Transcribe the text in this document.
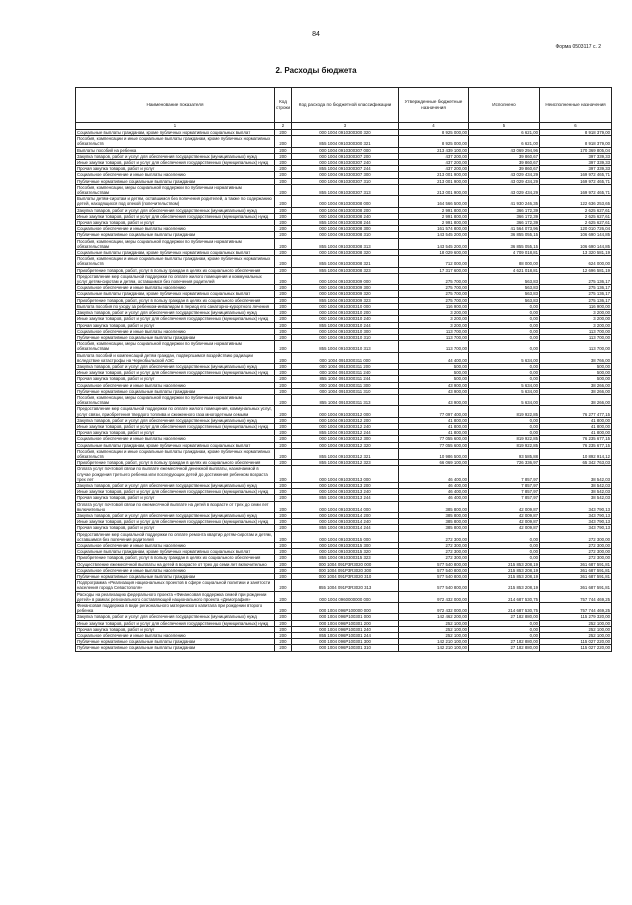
84
Форма 0503117 с. 2
2. Расходы бюджета
Наименование показателя	Код строки	Код расхода по бюджетной классификации	Утвержденные бюджетные назначения	Исполнено	Неисполненные назначения
1	2	3	4	5	6
Социальные выплаты гражданам, кроме публичных нормативных социальных выплат	200	000 1004 0910300300 320	8 925 000,00	6 621,00	8 918 379,00
Пособия, компенсации и иные социальные выплаты гражданам, кроме публичных нормативных обязательств	200	855 1004 0910300300 321	8 925 000,00	6 621,00	8 918 379,00
Выплаты пособий на ребенка	200	000 1004 0910300307 000	213 439 100,00	43 069 294,96	170 369 805,04
Закупка товаров, работ и услуг для обеспечения государственных (муниципальных) нужд	200	000 1004 0910300307 200	437 200,00	39 860,67	397 339,33
Иные закупки товаров, работ и услуг для обеспечения государственных (муниципальных) нужд	200	000 1004 0910300307 240	437 200,00	39 860,67	397 339,33
Прочая закупка товаров, работ и услуг	200	855 1004 0910300307 244	437 200,00	39 860,67	397 339,33
Социальное обеспечение и иные выплаты населению	200	000 1004 0910300307 300	213 001 900,00	43 029 434,29	169 972 465,71
Публичные нормативные социальные выплаты гражданам	200	000 1004 0910300307 310	213 001 900,00	43 029 434,29	169 972 465,71
Пособия, компенсации, меры социальной поддержки по публичным нормативным обязательствам	200	855 1004 0910300307 313	213 001 900,00	43 029 434,29	169 972 465,71
Выплаты детям-сиротам и детям, оставшимся без попечения родителей, а также по содержанию детей, находящихся под опекой (попечительством)	200	000 1004 0910300308 000	164 566 500,00	41 930 246,35	122 636 253,65
Закупка товаров, работ и услуг для обеспечения государственных (муниципальных) нужд	200	000 1004 0910300308 200	2 991 800,00	366 172,39	2 625 627,61
Иные закупки товаров, работ и услуг для обеспечения государственных (муниципальных) нужд	200	000 1004 0910300308 240	2 991 800,00	366 172,39	2 625 627,61
Прочая закупка товаров, работ и услуг	200	855 1004 0910300308 244	2 991 800,00	366 172,39	2 625 627,61
Социальное обеспечение и иные выплаты населению	200	000 1004 0910300308 300	161 574 800,00	41 564 073,96	120 010 726,04
Публичные нормативные социальные выплаты гражданам	200	000 1004 0910300308 310	143 545 200,00	36 855 055,15	106 690 144,85
Пособия, компенсации, меры социальной поддержки по публичным нормативным обязательствам	200	855 1004 0910300308 313	143 545 200,00	36 855 055,15	106 690 144,85
Социальные выплаты гражданам, кроме публичных нормативных социальных выплат	200	000 1004 0910300308 320	18 029 600,00	4 709 018,81	13 320 581,19
Пособия, компенсации и иные социальные выплаты гражданам, кроме публичных нормативных обязательств	200	855 1004 0910300308 321	712 000,00	88 000,00	624 000,00
Приобретение товаров, работ, услуг в пользу граждан в целях их социального обеспечения	200	855 1004 0910300308 323	17 317 600,00	4 621 018,81	12 696 581,19
Предоставление мер социальной поддержки по оплате жилого помещения и коммунальных услуг детям-сиротам и детям, оставшимся без попечения родителей	200	000 1004 0910300309 000	275 700,00	563,83	275 136,17
Социальное обеспечение и иные выплаты населению	200	000 1004 0910300309 300	275 700,00	563,83	275 136,17
Социальные выплаты гражданам, кроме публичных нормативных социальных выплат	200	000 1004 0910300309 320	275 700,00	563,83	275 136,17
Приобретение товаров, работ, услуг в пользу граждан в целях их социального обеспечения	200	855 1004 0910300309 323	275 700,00	563,83	275 136,17
Выплата пособия по уходу за ребенком-инвалидом в период его санаторно-курортного лечения	200	000 1004 0910300310 000	116 900,00	0,00	116 900,00
Закупка товаров, работ и услуг для обеспечения государственных (муниципальных) нужд	200	000 1004 0910300310 200	3 200,00	0,00	3 200,00
Иные закупки товаров, работ и услуг для обеспечения государственных (муниципальных) нужд	200	000 1004 0910300310 240	3 200,00	0,00	3 200,00
Прочая закупка товаров, работ и услуг	200	855 1004 0910300310 244	3 200,00	0,00	3 200,00
Социальное обеспечение и иные выплаты населению	200	000 1004 0910300310 300	113 700,00	0,00	113 700,00
Публичные нормативные социальные выплаты гражданам	200	000 1004 0910300310 310	113 700,00	0,00	113 700,00
Пособия, компенсации, меры социальной поддержки по публичным нормативным обязательствам	200	855 1004 0910300310 313	113 700,00	0,00	113 700,00
Выплата пособий и компенсаций детям граждан, подвергшимся воздействию радиации вследствие катастрофы на Чернобыльской АЭС	200	000 1004 0910300311 000	44 400,00	5 634,00	38 766,00
Закупка товаров, работ и услуг для обеспечения государственных (муниципальных) нужд	200	000 1004 0910300311 200	500,00	0,00	500,00
Иные закупки товаров, работ и услуг для обеспечения государственных (муниципальных) нужд	200	000 1004 0910300311 240	500,00	0,00	500,00
Прочая закупка товаров, работ и услуг	200	855 1004 0910300311 244	500,00	0,00	500,00
Социальное обеспечение и иные выплаты населению	200	000 1004 0910300311 300	43 900,00	5 634,00	38 266,00
Публичные нормативные социальные выплаты гражданам	200	000 1004 0910300311 310	43 900,00	5 634,00	38 266,00
Пособия, компенсации, меры социальной поддержки по публичным нормативным обязательствам	200	855 1004 0910300311 313	43 900,00	5 634,00	38 266,00
Предоставление мер социальной поддержки по оплате жилого помещения, коммунальных услуг, услуг связи, приобретения твердого топлива и сжиженного газа многодетным семьям	200	000 1004 0910300312 000	77 097 400,00	819 922,85	76 277 477,15
Закупка товаров, работ и услуг для обеспечения государственных (муниципальных) нужд	200	000 1004 0910300312 200	41 800,00	0,00	41 800,00
Иные закупки товаров, работ и услуг для обеспечения государственных (муниципальных) нужд	200	000 1004 0910300312 240	41 800,00	0,00	41 800,00
Прочая закупка товаров, работ и услуг	200	855 1004 0910300312 244	41 800,00	0,00	41 800,00
Социальное обеспечение и иные выплаты населению	200	000 1004 0910300312 300	77 055 600,00	819 922,85	76 235 677,15
Социальные выплаты гражданам, кроме публичных нормативных социальных выплат	200	000 1004 0910300312 320	77 055 600,00	819 922,85	76 235 677,15
Пособия, компенсации и иные социальные выплаты гражданам, кроме публичных нормативных обязательств	200	855 1004 0910300312 321	10 986 500,00	93 585,88	10 892 914,12
Приобретение товаров, работ, услуг в пользу граждан в целях их социального обеспечения	200	855 1004 0910300312 323	66 069 100,00	726 336,97	65 342 763,03
Оплата услуг почтовой связи по выплате ежемесячной денежной выплаты, назначаемой в случае рождения третьего ребенка или последующих детей до достижения ребенком возраста трех лет	200	000 1004 0910300313 000	46 400,00	7 857,97	38 542,03
Закупка товаров, работ и услуг для обеспечения государственных (муниципальных) нужд	200	000 1004 0910300313 200	46 400,00	7 857,97	38 542,03
Иные закупки товаров, работ и услуг для обеспечения государственных (муниципальных) нужд	200	000 1004 0910300313 240	46 400,00	7 857,97	38 542,03
Прочая закупка товаров, работ и услуг	200	855 1004 0910300313 244	46 400,00	7 857,97	38 542,03
Оплата услуг почтовой связи по ежемесячной выплате на детей в возрасте от трех до семи лет включительно	200	000 1004 0910300314 000	385 800,00	42 009,87	343 790,13
Закупка товаров, работ и услуг для обеспечения государственных (муниципальных) нужд	200	000 1004 0910300314 200	385 800,00	42 009,87	343 790,13
Иные закупки товаров, работ и услуг для обеспечения государственных (муниципальных) нужд	200	000 1004 0910300314 240	385 800,00	42 009,87	343 790,13
Прочая закупка товаров, работ и услуг	200	855 1004 0910300314 244	385 800,00	42 009,87	343 790,13
Предоставление мер социальной поддержки по оплате ремонта квартир детям-сиротам и детям, оставшимся без попечения родителей	200	000 1004 0910300315 000	272 300,00	0,00	272 300,00
Социальное обеспечение и иные выплаты населению	200	000 1004 0910300315 300	272 300,00	0,00	272 300,00
Социальные выплаты гражданам, кроме публичных нормативных социальных выплат	200	000 1004 0910300315 320	272 300,00	0,00	272 300,00
Приобретение товаров, работ, услуг в пользу граждан в целях их социального обеспечения	200	855 1004 0910300315 323	272 300,00	0,00	272 300,00
Осуществление ежемесячной выплаты на детей в возрасте от трех до семи лет включительно	200	000 1004 091P3R3020 000	577 540 800,00	215 853 208,19	361 687 591,81
Социальное обеспечение и иные выплаты населению	200	000 1004 091P3R3020 300	577 540 800,00	215 853 208,19	361 687 591,81
Публичные нормативные социальные выплаты гражданам	200	000 1004 091P3R3020 310	577 540 800,00	215 853 208,19	361 687 591,81
Подпрограмма «Реализация национальных проектов в сфере социальной политики и занятости населения города Севастополя»	200	855 1004 091P3R3020 313	577 540 800,00	215 853 208,19	361 687 591,81
Расходы на реализацию федерального проекта «Финансовая поддержка семей при рождении детей» в рамках регионального составляющей национального проекта «Демография»	200	000 1004 0960000000 000	972 432 000,00	214 687 530,75	757 744 469,25
Финансовая поддержка в виде регионального материнского капитала при рождении второго ребенка	200	000 1004 096P100000 000	972 432 000,00	214 687 530,75	757 744 469,25
Закупка товаров, работ и услуг для обеспечения государственных (муниципальных) нужд	200	000 1004 096P100301 000	142 462 200,00	27 182 880,00	115 279 320,00
Иные закупки товаров, работ и услуг для обеспечения государственных (муниципальных) нужд	200	000 1004 096P100301 200	252 100,00	0,00	252 100,00
Прочая закупка товаров, работ и услуг	200	000 1004 096P100301 240	252 100,00	0,00	252 100,00
Социальное обеспечение и иные выплаты населению	200	855 1004 096P100301 244	252 100,00	0,00	252 100,00
Публичные нормативные социальные выплаты гражданам	200	000 1004 096P100301 300	142 210 100,00	27 182 880,00	115 027 220,00
Публичные нормативные социальные выплаты гражданам	200	000 1004 096P100301 310	142 210 100,00	27 182 880,00	115 027 220,00
